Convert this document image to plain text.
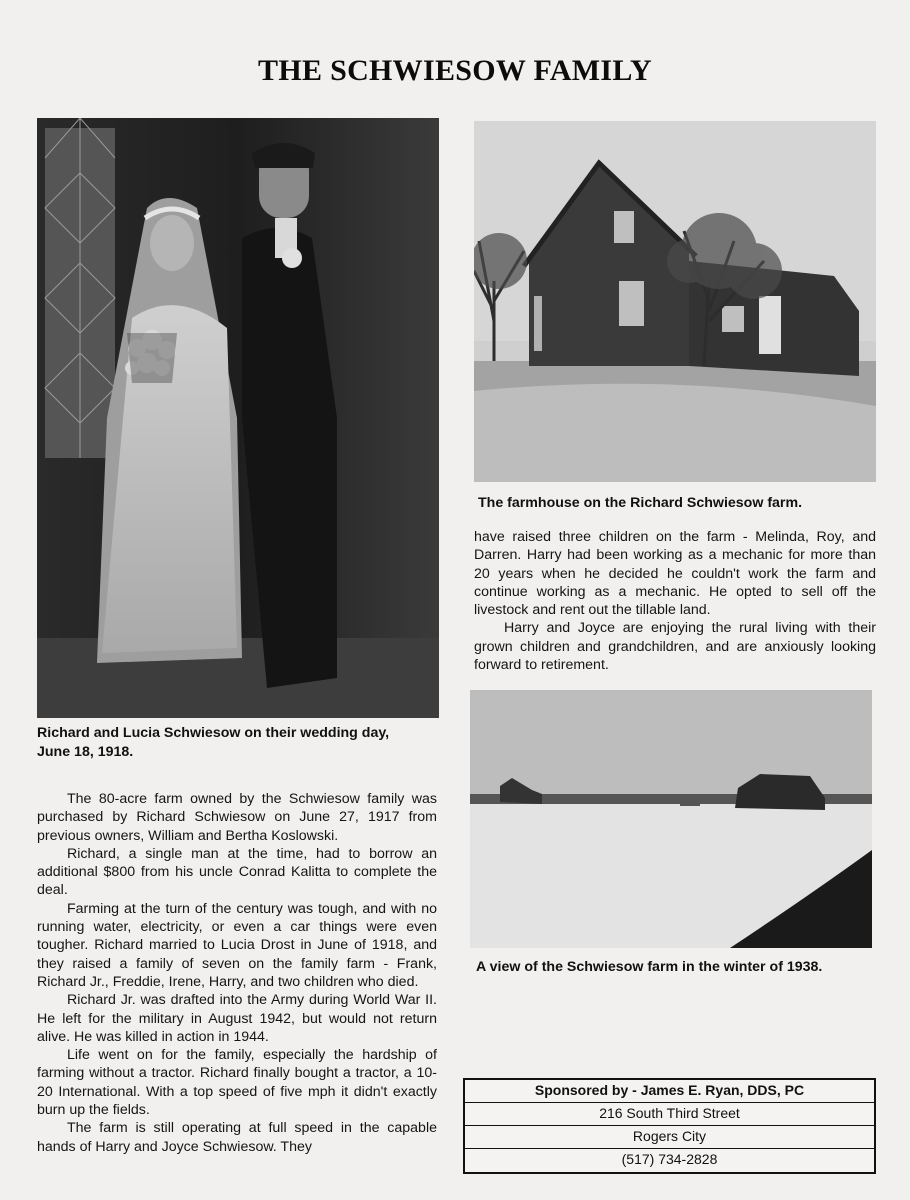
THE SCHWIESOW FAMILY
Richard and Lucia Schwiesow on their wedding day, June 18, 1918.
The farmhouse on the Richard Schwiesow farm.
A view of the Schwiesow farm in the winter of 1938.

The 80-acre farm owned by the Schwiesow family was purchased by Richard Schwiesow on June 27, 1917 from previous owners, William and Bertha Koslowski.

Richard, a single man at the time, had to borrow an additional $800 from his uncle Conrad Kalitta to complete the deal.

Farming at the turn of the century was tough, and with no running water, electricity, or even a car things were even tougher. Richard married to Lucia Drost in June of 1918, and they raised a family of seven on the family farm - Frank, Richard Jr., Freddie, Irene, Harry, and two children who died.

Richard Jr. was drafted into the Army during World War II. He left for the military in August 1942, but would not return alive. He was killed in action in 1944.

Life went on for the family, especially the hardship of farming without a tractor. Richard finally bought a tractor, a 10-20 International. With a top speed of five mph it didn't exactly burn up the fields.

The farm is still operating at full speed in the capable hands of Harry and Joyce Schwiesow. They

have raised three children on the farm - Melinda, Roy, and Darren. Harry had been working as a mechanic for more than 20 years when he decided he couldn't work the farm and continue working as a mechanic. He opted to sell off the livestock and rent out the tillable land.

Harry and Joyce are enjoying the rural living with their grown children and grandchildren, and are anxiously looking forward to retirement.

Sponsored by - James E. Ryan, DDS, PC
216 South Third Street
Rogers City
(517) 734-2828
